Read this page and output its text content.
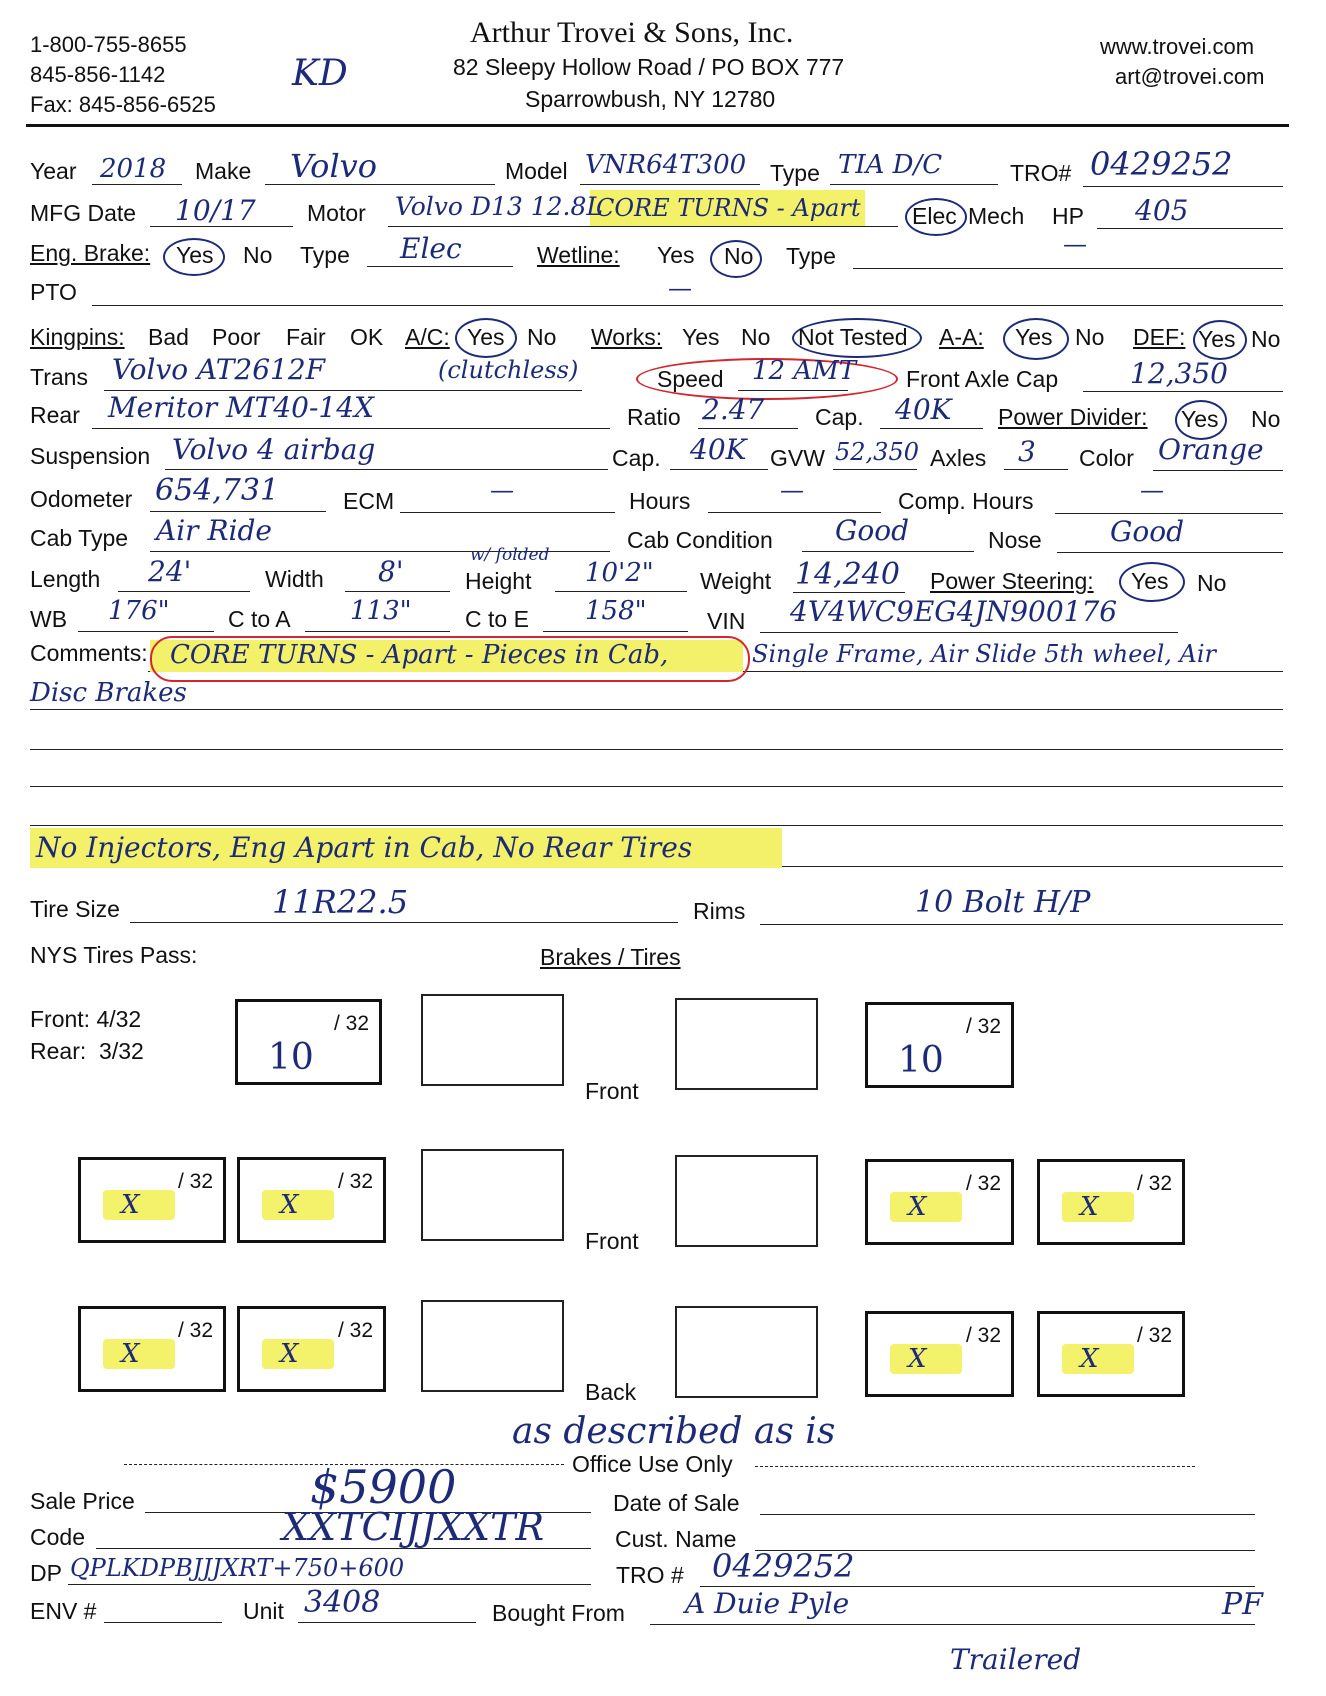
1-800-755-8655
845-856-1142
Fax: 845-856-6525
KD
Arthur Trovei & Sons, Inc.
82 Sleepy Hollow Road / PO BOX 777
Sparrowbush, NY 12780
www.trovei.com
art@trovei.com
Year 2018 Make Volvo	Model VNR64T300 Type TIA D/C	TRO# 0429252
MFG Date 10/17 Motor Volvo D13 12.8L
CORE TURNS - Apart Elec Mech HP 405
Eng. Brake: Yes No Type Elec	Wetline: Yes No Type	—
PTO	—
Kingpins: Bad Poor Fair OK A/C: Yes No Works: Yes No Not Tested A-A: Yes No DEF: Yes No
Trans Volvo AT2612F	(clutchless)	Speed 12 AMT Front Axle Cap	12,350
Rear Meritor MT40-14X	Ratio 2.47 Cap. 40K Power Divider: Yes No
Suspension Volvo 4 airbag	Cap. 40K GVW 52,350 Axles 3 Color Orange
Odometer 654,731	ECM	—	Hours	—	Comp. Hours	—
Cab Type Air Ride	Cab Condition Good	Nose Good
Length 24'	Width 8'	w/ folded
Height 10'2" Weight 14,240 Power Steering: Yes No
WB 176"	C to A 113" C to E 158"	VIN 4V4WC9EG4JN900176
Comments: CORE TURNS - Apart - Pieces in Cab,	Single Frame, Air Slide 5th wheel, Air
Disc Brakes
No Injectors, Eng Apart in Cab, No Rear Tires
Tire Size	11R22.5	Rims	10 Bolt H/P
NYS Tires Pass:	Brakes / Tires
Front: 4/32
Rear:  3/32
/ 32
10
Front
/ 32
10
/ 32
X
/ 32
X
Front
/ 32
X
/ 32
X
/ 32
X
/ 32
X
Back
/ 32
X
/ 32
X
as described as is
Office Use Only
Sale Price	$5900	Date of Sale
Code	XXTCIJJXXTR	Cust. Name
DP QPLKDPBJJJXRT+750+600	TRO # 0429252
ENV #	Unit 3408	Bought From A Duie Pyle	PF
Trailered
